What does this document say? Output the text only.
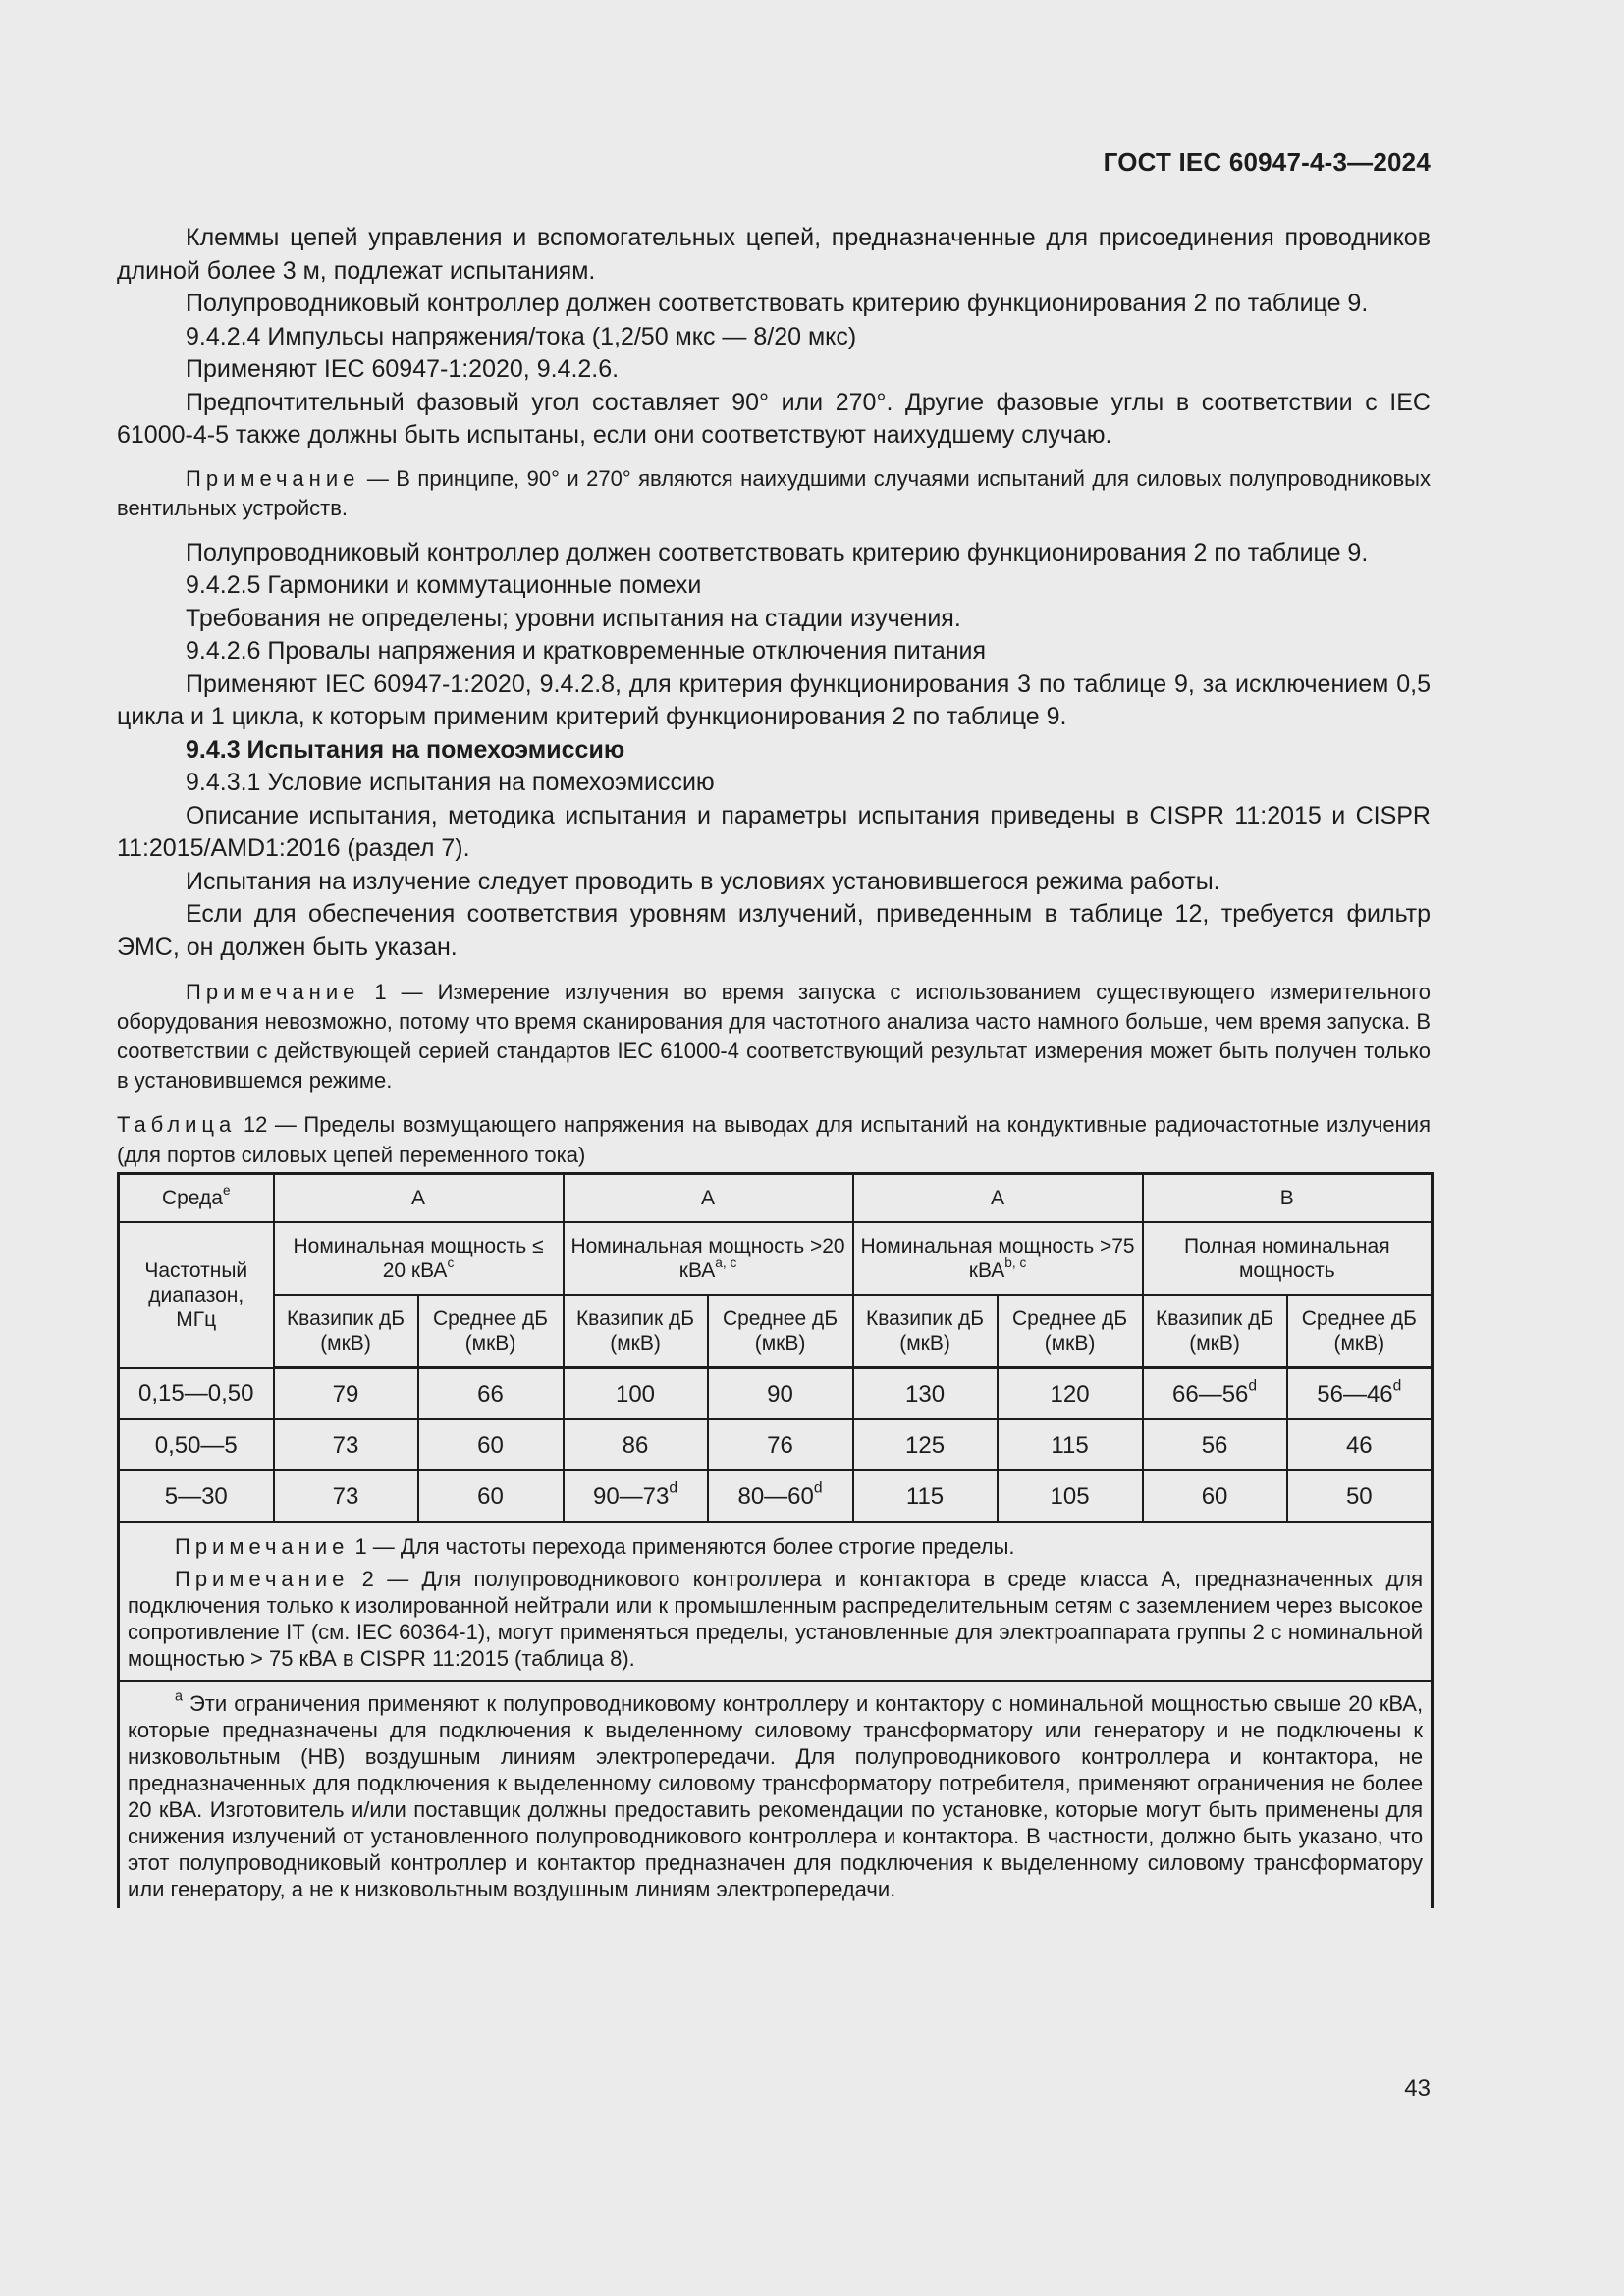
ГОСТ IEC 60947-4-3—2024

Клеммы цепей управления и вспомогательных цепей, предназначенные для присоединения проводников длиной более 3 м, подлежат испытаниям.

Полупроводниковый контроллер должен соответствовать критерию функционирования 2 по таблице 9.

9.4.2.4 Импульсы напряжения/тока (1,2/50 мкс — 8/20 мкс)

Применяют IEC 60947-1:2020, 9.4.2.6.

Предпочтительный фазовый угол составляет 90° или 270°. Другие фазовые углы в соответствии с IEC 61000-4-5 также должны быть испытаны, если они соответствуют наихудшему случаю.

Примечание — В принципе, 90° и 270° являются наихудшими случаями испытаний для силовых полупроводниковых вентильных устройств.

Полупроводниковый контроллер должен соответствовать критерию функционирования 2 по таблице 9.

9.4.2.5 Гармоники и коммутационные помехи

Требования не определены; уровни испытания на стадии изучения.

9.4.2.6 Провалы напряжения и кратковременные отключения питания

Применяют IEC 60947-1:2020, 9.4.2.8, для критерия функционирования 3 по таблице 9, за исключением 0,5 цикла и 1 цикла, к которым применим критерий функционирования 2 по таблице 9.

9.4.3 Испытания на помехоэмиссию

9.4.3.1 Условие испытания на помехоэмиссию

Описание испытания, методика испытания и параметры испытания приведены в CISPR 11:2015 и CISPR 11:2015/AMD1:2016 (раздел 7).

Испытания на излучение следует проводить в условиях установившегося режима работы.

Если для обеспечения соответствия уровням излучений, приведенным в таблице 12, требуется фильтр ЭМС, он должен быть указан.

Примечание 1 — Измерение излучения во время запуска с использованием существующего измерительного оборудования невозможно, потому что время сканирования для частотного анализа часто намного больше, чем время запуска. В соответствии с действующей серией стандартов IEC 61000-4 соответствующий результат измерения может быть получен только в установившемся режиме.

Таблица 12 — Пределы возмущающего напряжения на выводах для испытаний на кондуктивные радиочастотные излучения (для портов силовых цепей переменного тока)
Среда$^e$	A		A		A		B	
Частотный диапазон, МГц	Номинальная мощность ≤ 20 кВА$^c$		Номинальная мощность >20 кВА$^{a, c}$		Номинальная мощность >75 кВА$^{b, c}$		Полная номинальная мощность	
	Квазипик дБ (мкВ)	Среднее дБ (мкВ)	Квазипик дБ (мкВ)	Среднее дБ (мкВ)	Квазипик дБ (мкВ)	Среднее дБ (мкВ)	Квазипик дБ (мкВ)	Среднее дБ (мкВ)
0,15—0,50	79	66	100	90	130	120	66—56$^d$	56—46$^d$
0,50—5	73	60	86	76	125	115	56	46
5—30	73	60	90—73$^d$	80—60$^d$	115	105	60	50

Примечание 1 — Для частоты перехода применяются более строгие пределы.

Примечание 2 — Для полупроводникового контроллера и контактора в среде класса A, предназначенных для подключения только к изолированной нейтрали или к промышленным распределительным сетям с заземлением через высокое сопротивление IT (см. IEC 60364-1), могут применяться пределы, установленные для электроаппарата группы 2 с номинальной мощностью > 75 кВА в CISPR 11:2015 (таблица 8).								

$^a$ Эти ограничения применяют к полупроводниковому контроллеру и контактору с номинальной мощностью свыше 20 кВА, которые предназначены для подключения к выделенному силовому трансформатору или генератору и не подключены к низковольтным (НВ) воздушным линиям электропередачи. Для полупроводникового контроллера и контактора, не предназначенных для подключения к выделенному силовому трансформатору потребителя, применяют ограничения не более 20 кВА. Изготовитель и/или поставщик должны предоставить рекомендации по установке, которые могут быть применены для снижения излучений от установленного полупроводникового контроллера и контактора. В частности, должно быть указано, что этот полупроводниковый контроллер и контактор предназначен для подключения к выделенному силовому трансформатору или генератору, а не к низковольтным воздушным линиям электропередачи.								

43
